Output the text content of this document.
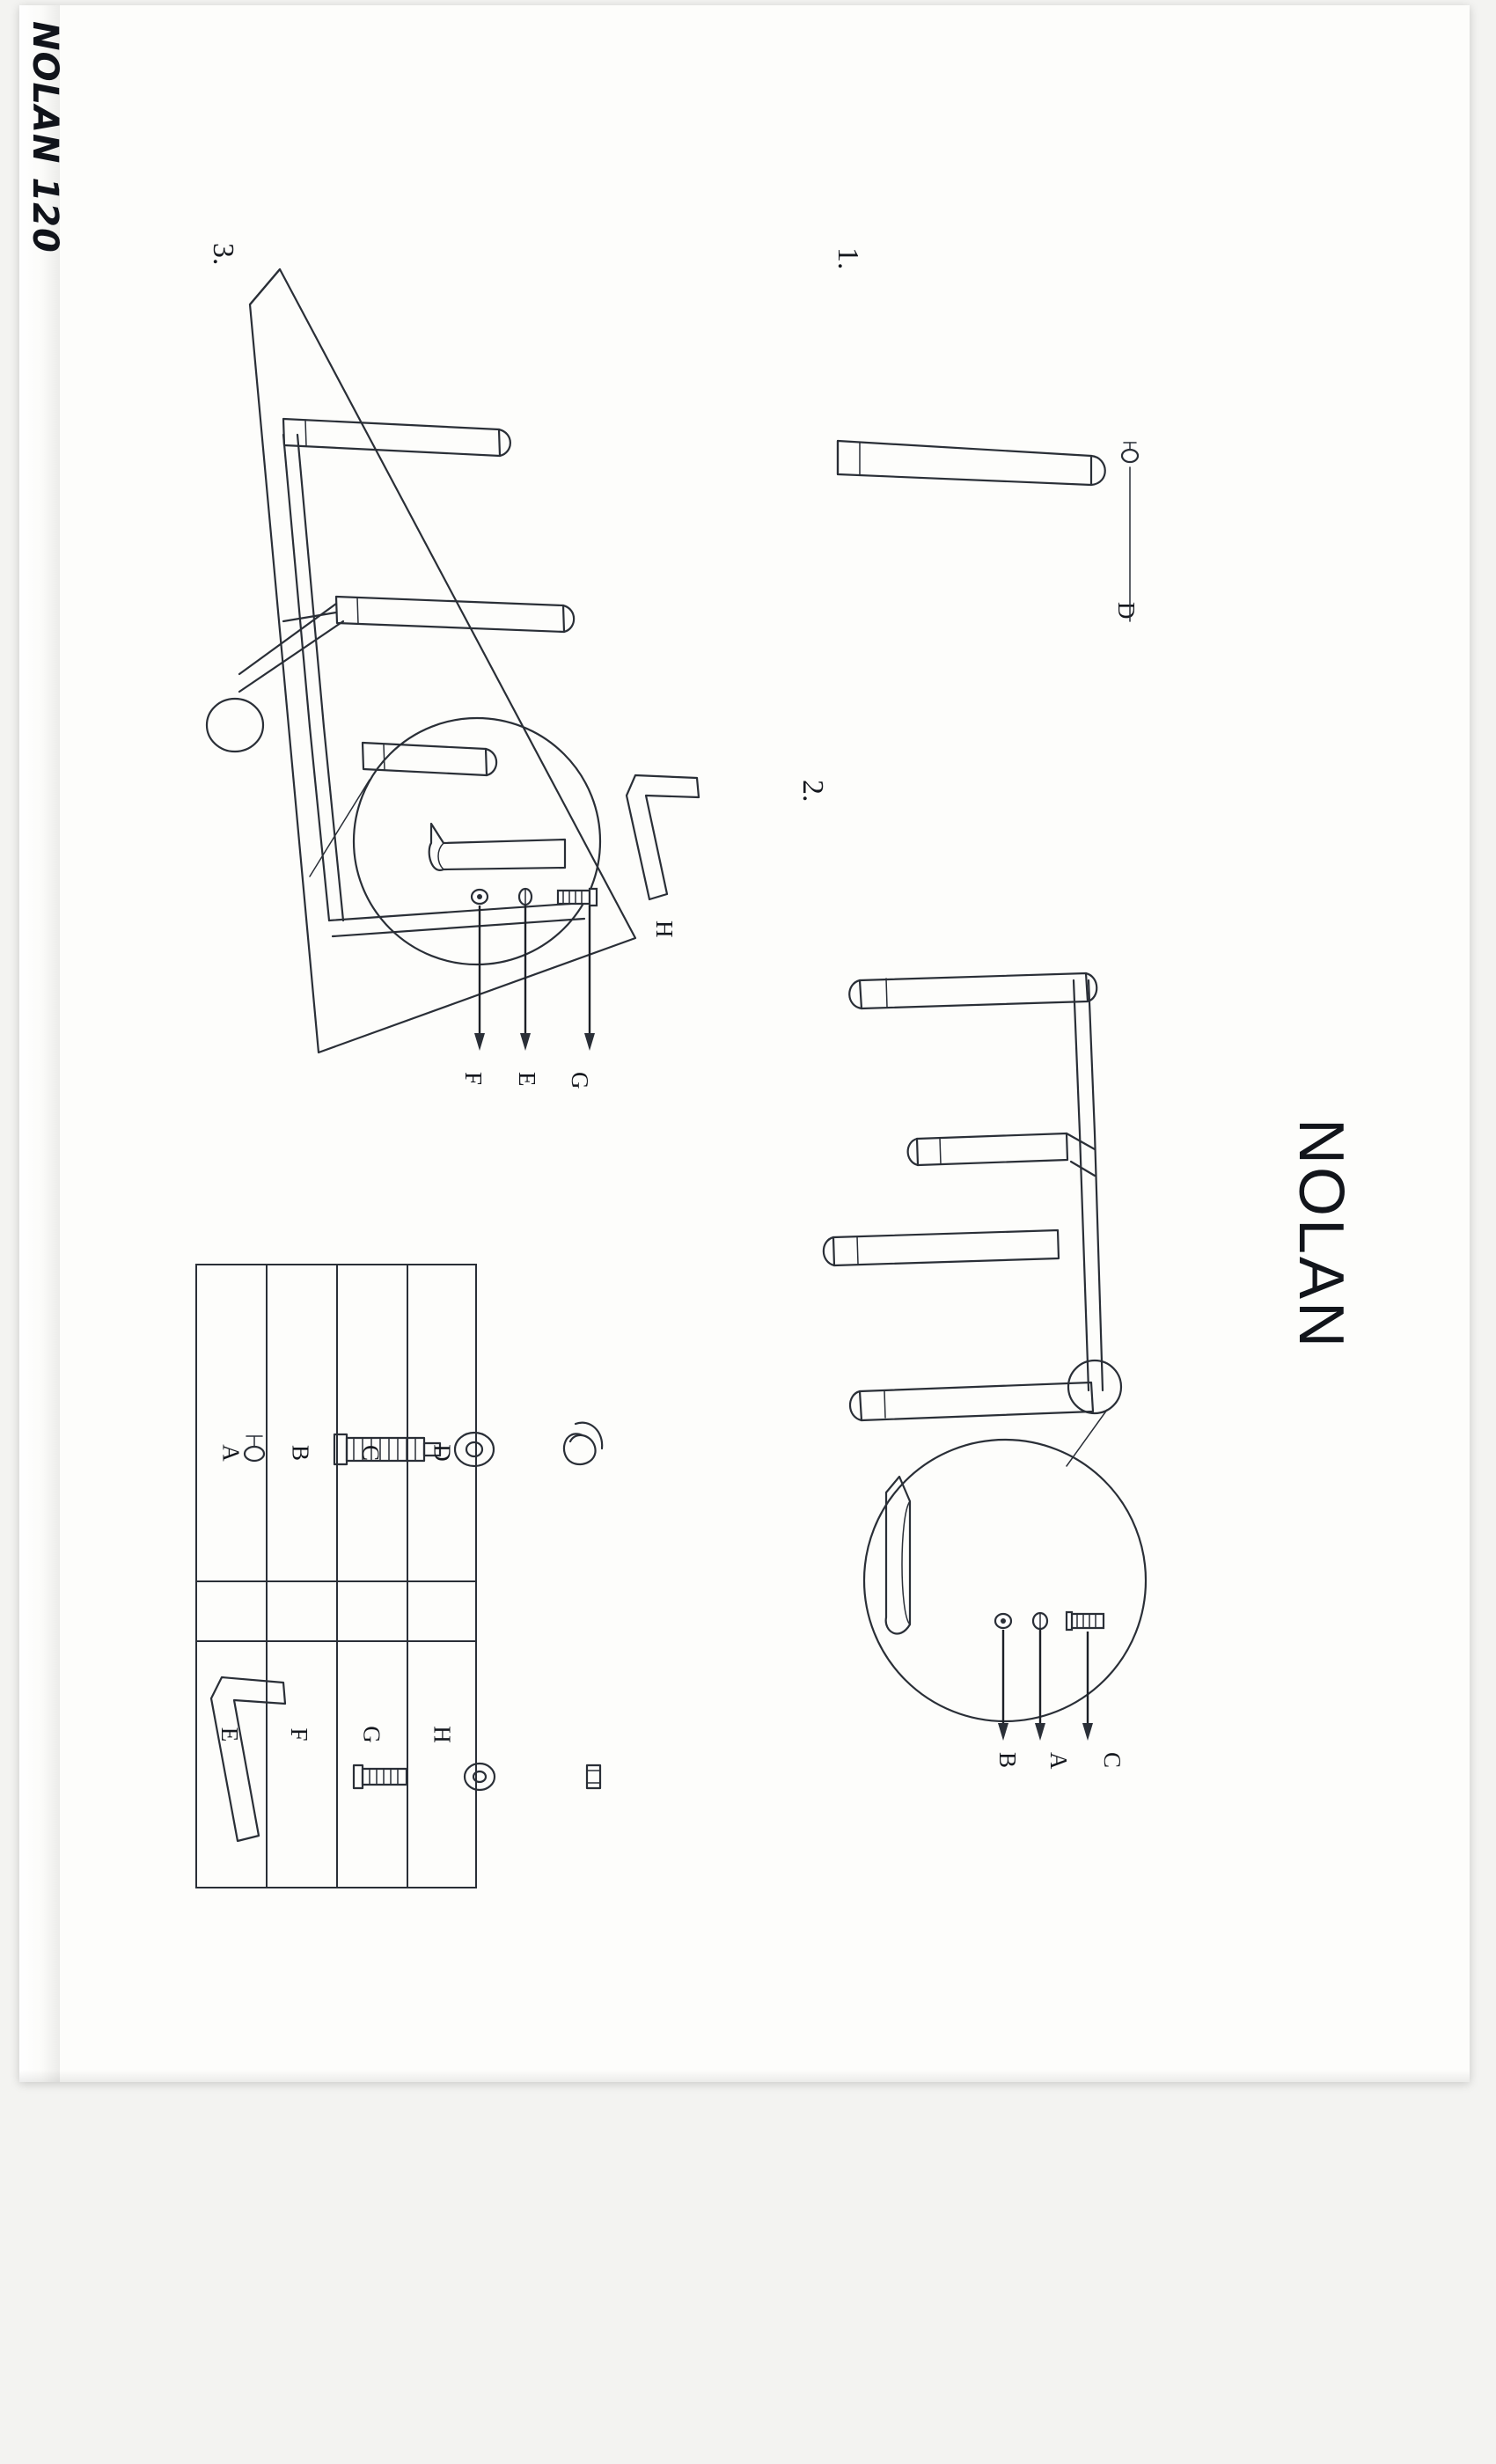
NOLAN 120
NOLAN
1.
2.
3.
D
C
A
B
H
F E G
A B C D
E F G H
